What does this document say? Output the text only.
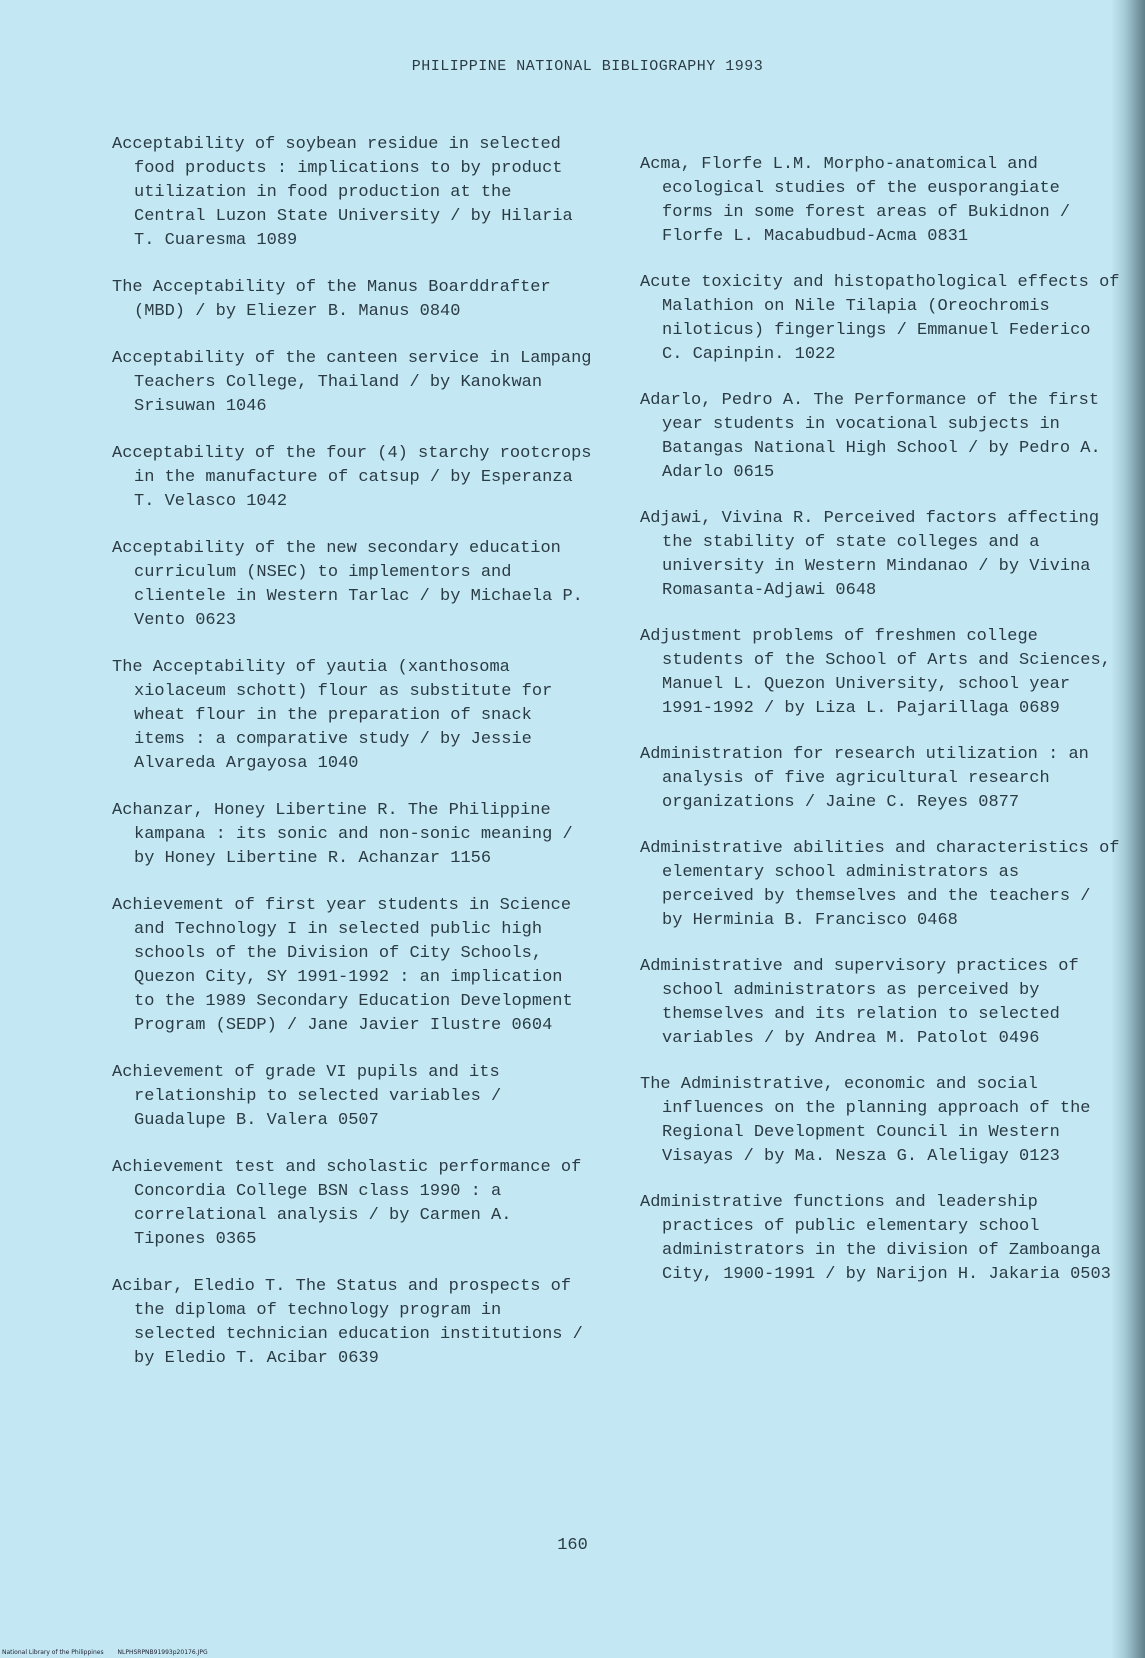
PHILIPPINE NATIONAL BIBLIOGRAPHY 1993
Acceptability of soybean residue in selected food products : implications to by product utilization in food production at the Central Luzon State University / by Hilaria T. Cuaresma 1089
The Acceptability of the Manus Boarddrafter (MBD) / by Eliezer B. Manus 0840
Acceptability of the canteen service in Lampang Teachers College, Thailand / by Kanokwan Srisuwan 1046
Acceptability of the four (4) starchy rootcrops in the manufacture of catsup / by Esperanza T. Velasco 1042
Acceptability of the new secondary education curriculum (NSEC) to implementors and clientele in Western Tarlac / by Michaela P. Vento 0623
The Acceptability of yautia (xanthosoma xiolaceum schott) flour as substitute for wheat flour in the preparation of snack items : a comparative study / by Jessie Alvareda Argayosa 1040
Achanzar, Honey Libertine R. The Philippine kampana : its sonic and non-sonic meaning / by Honey Libertine R. Achanzar 1156
Achievement of first year students in Science and Technology I in selected public high schools of the Division of City Schools, Quezon City, SY 1991-1992 : an implication to the 1989 Secondary Education Development Program (SEDP) / Jane Javier Ilustre 0604
Achievement of grade VI pupils and its relationship to selected variables / Guadalupe B. Valera 0507
Achievement test and scholastic performance of Concordia College BSN class 1990 : a correlational analysis / by Carmen A. Tipones 0365
Acibar, Eledio T. The Status and prospects of the diploma of technology program in selected technician education institutions / by Eledio T. Acibar 0639
Acma, Florfe L.M. Morpho-anatomical and ecological studies of the eusporangiate forms in some forest areas of Bukidnon / Florfe L. Macabudbud-Acma 0831
Acute toxicity and histopathological effects of Malathion on Nile Tilapia (Oreochromis niloticus) fingerlings / Emmanuel Federico C. Capinpin. 1022
Adarlo, Pedro A. The Performance of the first year students in vocational subjects in Batangas National High School / by Pedro A. Adarlo 0615
Adjawi, Vivina R. Perceived factors affecting the stability of state colleges and a university in Western Mindanao / by Vivina Romasanta-Adjawi 0648
Adjustment problems of freshmen college students of the School of Arts and Sciences, Manuel L. Quezon University, school year 1991-1992 / by Liza L. Pajarillaga 0689
Administration for research utilization : an analysis of five agricultural research organizations / Jaine C. Reyes 0877
Administrative abilities and characteristics of elementary school administrators as perceived by themselves and the teachers / by Herminia B. Francisco 0468
Administrative and supervisory practices of school administrators as perceived by themselves and its relation to selected variables / by Andrea M. Patolot 0496
The Administrative, economic and social influences on the planning approach of the Regional Development Council in Western Visayas / by Ma. Nesza G. Aleligay 0123
Administrative functions and leadership practices of public elementary school administrators in the division of Zamboanga City, 1900-1991 / by Narijon H. Jakaria 0503
160
National Library of the Philippines NLPHSRPNB91993p20176.JPG
